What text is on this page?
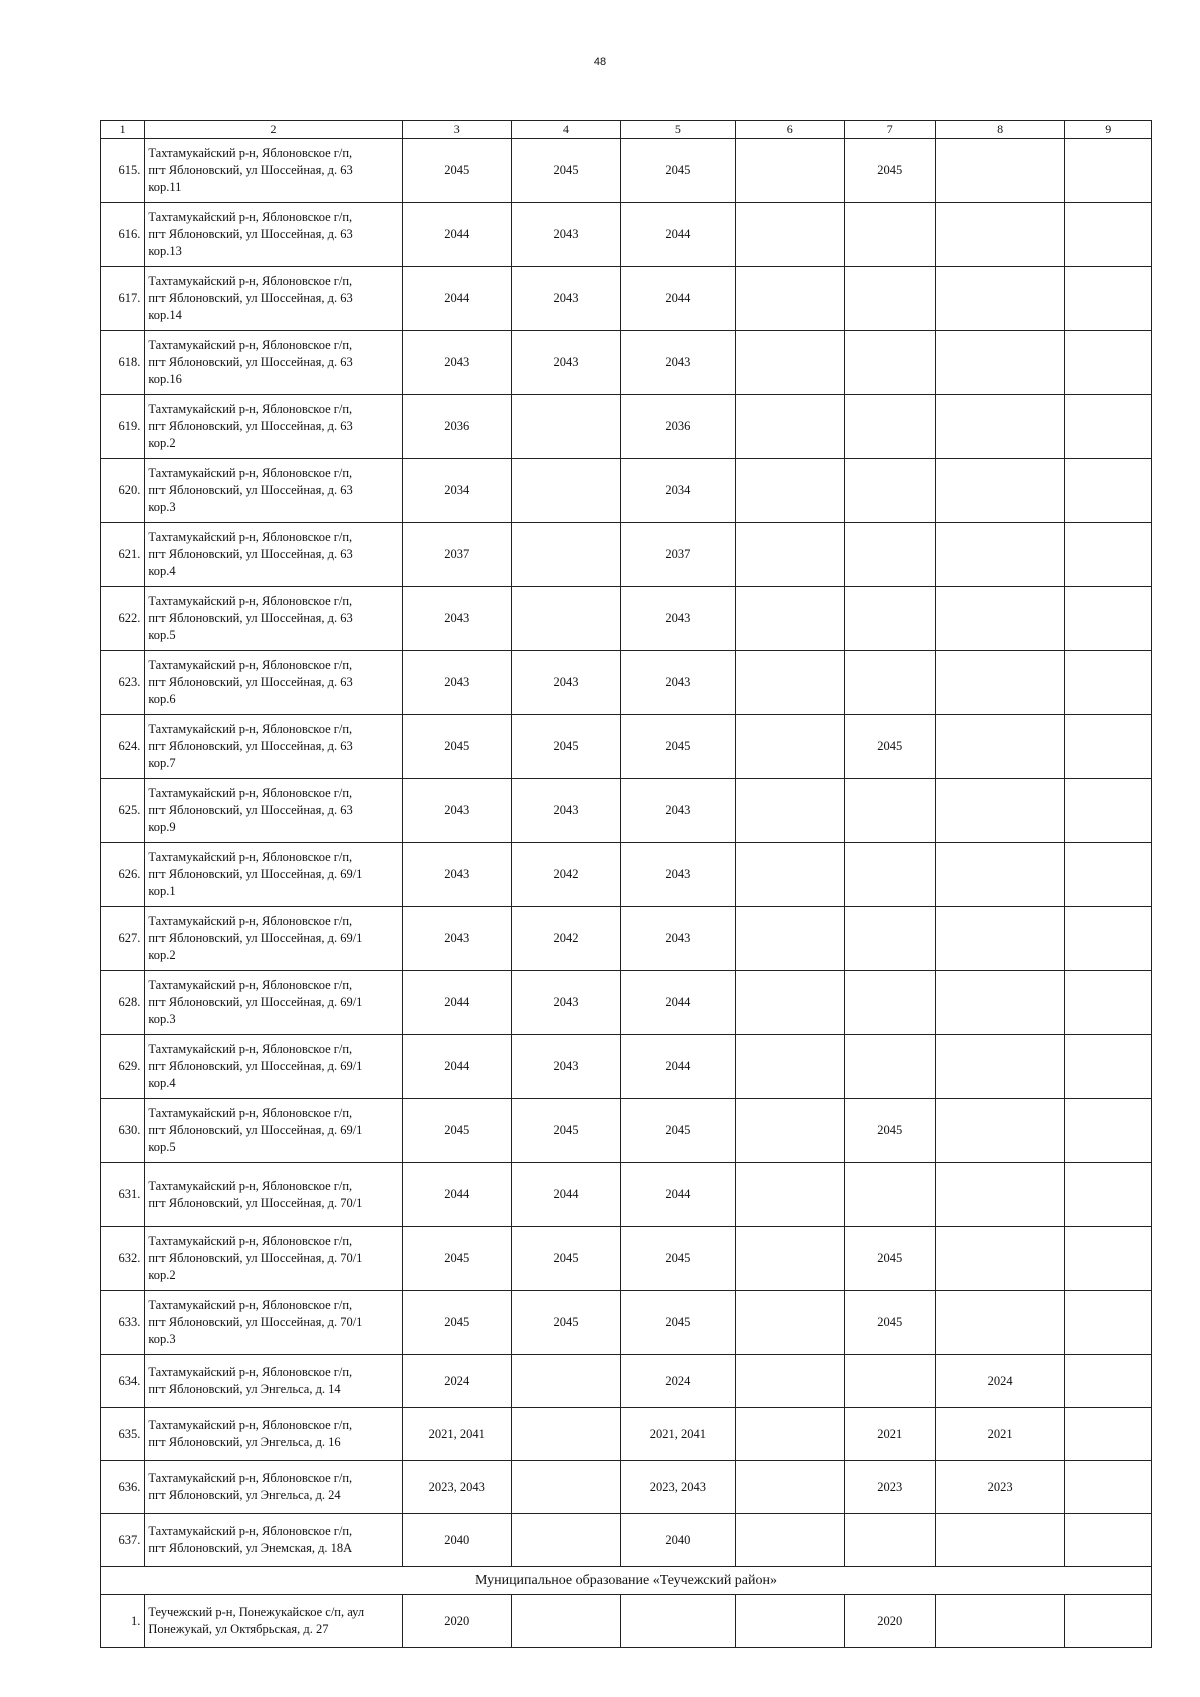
48
1	2	3	4	5	6	7	8	9
615.	Тахтамукайский р-н, Яблоновское г/п,
пгт Яблоновский, ул Шоссейная, д. 63
кор.11	2045	2045	2045		2045		
616.	Тахтамукайский р-н, Яблоновское г/п,
пгт Яблоновский, ул Шоссейная, д. 63
кор.13	2044	2043	2044				
617.	Тахтамукайский р-н, Яблоновское г/п,
пгт Яблоновский, ул Шоссейная, д. 63
кор.14	2044	2043	2044				
618.	Тахтамукайский р-н, Яблоновское г/п,
пгт Яблоновский, ул Шоссейная, д. 63
кор.16	2043	2043	2043				
619.	Тахтамукайский р-н, Яблоновское г/п,
пгт Яблоновский, ул Шоссейная, д. 63
кор.2	2036		2036				
620.	Тахтамукайский р-н, Яблоновское г/п,
пгт Яблоновский, ул Шоссейная, д. 63
кор.3	2034		2034				
621.	Тахтамукайский р-н, Яблоновское г/п,
пгт Яблоновский, ул Шоссейная, д. 63
кор.4	2037		2037				
622.	Тахтамукайский р-н, Яблоновское г/п,
пгт Яблоновский, ул Шоссейная, д. 63
кор.5	2043		2043				
623.	Тахтамукайский р-н, Яблоновское г/п,
пгт Яблоновский, ул Шоссейная, д. 63
кор.6	2043	2043	2043				
624.	Тахтамукайский р-н, Яблоновское г/п,
пгт Яблоновский, ул Шоссейная, д. 63
кор.7	2045	2045	2045		2045		
625.	Тахтамукайский р-н, Яблоновское г/п,
пгт Яблоновский, ул Шоссейная, д. 63
кор.9	2043	2043	2043				
626.	Тахтамукайский р-н, Яблоновское г/п,
пгт Яблоновский, ул Шоссейная, д. 69/1
кор.1	2043	2042	2043				
627.	Тахтамукайский р-н, Яблоновское г/п,
пгт Яблоновский, ул Шоссейная, д. 69/1
кор.2	2043	2042	2043				
628.	Тахтамукайский р-н, Яблоновское г/п,
пгт Яблоновский, ул Шоссейная, д. 69/1
кор.3	2044	2043	2044				
629.	Тахтамукайский р-н, Яблоновское г/п,
пгт Яблоновский, ул Шоссейная, д. 69/1
кор.4	2044	2043	2044				
630.	Тахтамукайский р-н, Яблоновское г/п,
пгт Яблоновский, ул Шоссейная, д. 69/1
кор.5	2045	2045	2045		2045		
631.	Тахтамукайский р-н, Яблоновское г/п,
пгт Яблоновский, ул Шоссейная, д. 70/1	2044	2044	2044				
632.	Тахтамукайский р-н, Яблоновское г/п,
пгт Яблоновский, ул Шоссейная, д. 70/1
кор.2	2045	2045	2045		2045		
633.	Тахтамукайский р-н, Яблоновское г/п,
пгт Яблоновский, ул Шоссейная, д. 70/1
кор.3	2045	2045	2045		2045		
634.	Тахтамукайский р-н, Яблоновское г/п,
пгт Яблоновский, ул Энгельса, д. 14	2024		2024			2024	
635.	Тахтамукайский р-н, Яблоновское г/п,
пгт Яблоновский, ул Энгельса, д. 16	2021, 2041		2021, 2041		2021	2021	
636.	Тахтамукайский р-н, Яблоновское г/п,
пгт Яблоновский, ул Энгельса, д. 24	2023, 2043		2023, 2043		2023	2023	
637.	Тахтамукайский р-н, Яблоновское г/п,
пгт Яблоновский, ул Энемская, д. 18А	2040		2040				
Муниципальное образование «Теучежский район»								
1.	Теучежский р-н, Понежукайское с/п, аул
Понежукай, ул Октябрьская, д. 27	2020				2020		
